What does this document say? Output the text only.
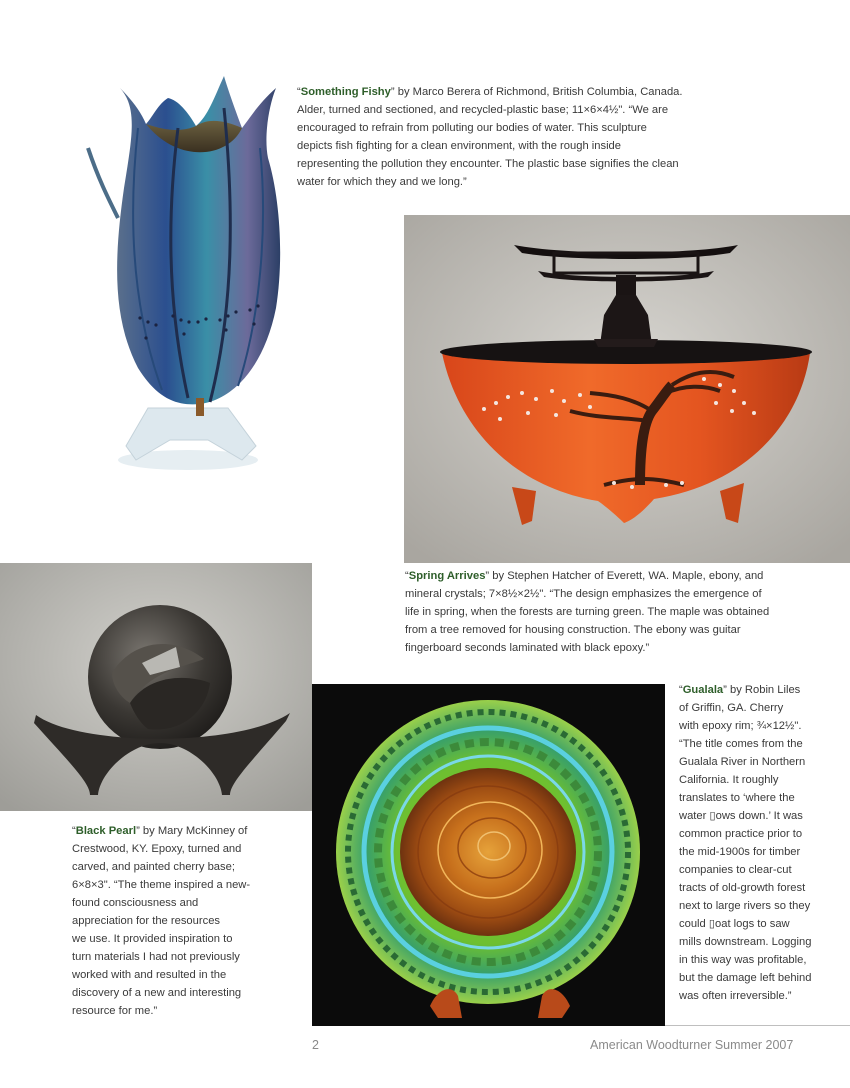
“Something Fishy” by Marco Berera of Richmond, British Columbia, Canada.
Alder, turned and sectioned, and recycled-plastic base; 11×6×4½". “We are
encouraged to refrain from polluting our bodies of water. This sculpture
depicts fish fighting for a clean environment, with the rough inside
representing the pollution they encounter. The plastic base signifies the clean
water for which they and we long.”
“Spring Arrives” by Stephen Hatcher of Everett, WA. Maple, ebony, and
mineral crystals; 7×8½×2½". “The design emphasizes the emergence of
life in spring, when the forests are turning green. The maple was obtained
from a tree removed for housing construction. The ebony was guitar
fingerboard seconds laminated with black epoxy.”
“Black Pearl” by Mary McKinney of
Crestwood, KY. Epoxy, turned and
carved, and painted cherry base;
6×8×3". “The theme inspired a new-
found consciousness and
appreciation for the resources
we use. It provided inspiration to
turn materials I had not previously
worked with and resulted in the
discovery of a new and interesting
resource for me.”
“Gualala” by Robin Liles
of Griffin, GA. Cherry
with epoxy rim; ¾×12½".
“The title comes from the
Gualala River in Northern
California. It roughly
translates to ‘where the
water ▯ows down.’ It was
common practice prior to
the mid-1900s for timber
companies to clear-cut
tracts of old-growth forest
next to large rivers so they
could ▯oat logs to saw
mills downstream. Logging
in this way was profitable,
but the damage left behind
was often irreversible.”
2	American Woodturner Summer 2007
